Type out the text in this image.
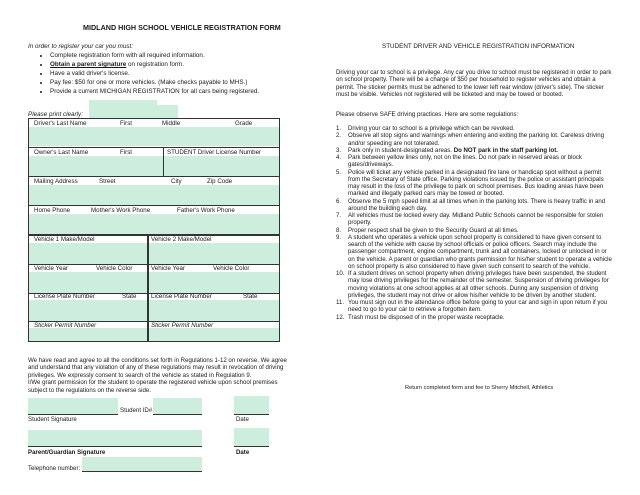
MIDLAND HIGH SCHOOL VEHICLE REGISTRATION FORM
In order to register your car you must:
• Complete registration form with all required information.
• Obtain a parent signature on registration form.
• Have a valid driver's license.
• Pay fee: $50 for one or more vehicles. (Make checks payable to MHS.)
• Provide a current MICHIGAN REGISTRATION for all cars being registered.
Please print clearly:
Driver's Last Name	First	Middle	Grade
Owner's Last Name	First	STUDENT Driver License Number
Mailing Address	Street	City	Zip Code
Home Phone	Mother's Work Phone	Father's Work Phone
Vehicle 1 Make/Model	Vehicle 2 Make/Model
Vehicle Year	Vehicle Color	Vehicle Year	Vehicle Color
License Plate Number	State License Plate Number	State
Sticker Permit Number	Sticker Permit Number
We have read and agree to all the conditions set forth in Regulations 1-12 on reverse. We agree and understand that any violation of any of these regulations may result in revocation of driving privileges. We expressly consent to search of the vehicle as stated in Regulation 9.
I/We grant permission for the student to operate the registered vehicle upon school premises subject to the regulations on the reverse side.
Student ID#
Student Signature	Date
Parent/Guardian Signature	Date
Telephone number:
STUDENT DRIVER AND VEHICLE REGISTRATION INFORMATION
Driving your car to school is a privilege. Any car you drive to school must be registered in order to park on school property. There will be a charge of $50 per household to register vehicles and obtain a permit. The sticker permits must be adhered to the lower left rear window (driver's side). The sticker must be visible. Vehicles not registered will be ticketed and may be towed or booted.
Please observe SAFE driving practices. Here are some regulations:
1. Driving your car to school is a privilege which can be revoked.
2. Observe all stop signs and warnings when entering and exiting the parking lot. Careless driving and/or speeding are not tolerated.
3. Park only in student-designated areas. Do NOT park in the staff parking lot.
4. Park between yellow lines only, not on the lines. Do not park in reserved areas or block gates/driveways.
5. Police will ticket any vehicle parked in a designated fire lane or handicap spot without a permit from the Secretary of State office. Parking violations issued by the police or assistant principals may result in the loss of the privilege to park on school premises. Bus loading areas have been marked and illegally parked cars may be towed or booted.
6. Observe the 5 mph speed limit at all times when in the parking lots. There is heavy traffic in and around the building each day.
7. All vehicles must be locked every day. Midland Public Schools cannot be responsible for stolen property.
8. Proper respect shall be given to the Security Guard at all times.
9. A student who operates a vehicle upon school property is considered to have given consent to search of the vehicle with cause by school officials or police officers. Search may include the passenger compartment, engine compartment, trunk and all containers, locked or unlocked in or on the vehicle. A parent or guardian who grants permission for his/her student to operate a vehicle on school property is also considered to have given such consent to search of the vehicle.
10. If a student drives on school property when driving privileges have been suspended, the student may lose driving privileges for the remainder of the semester. Suspension of driving privileges for moving violations at one school applies at all other schools. During any suspension of driving privileges, the student may not drive or allow his/her vehicle to be driven by another student.
11. You must sign out in the attendance office before going to your car and sign in upon return if you need to go to your car to retrieve a forgotten item.
12. Trash must be disposed of in the proper waste receptacle.
Return completed form and fee to Sherry Mitchell, Athletics
